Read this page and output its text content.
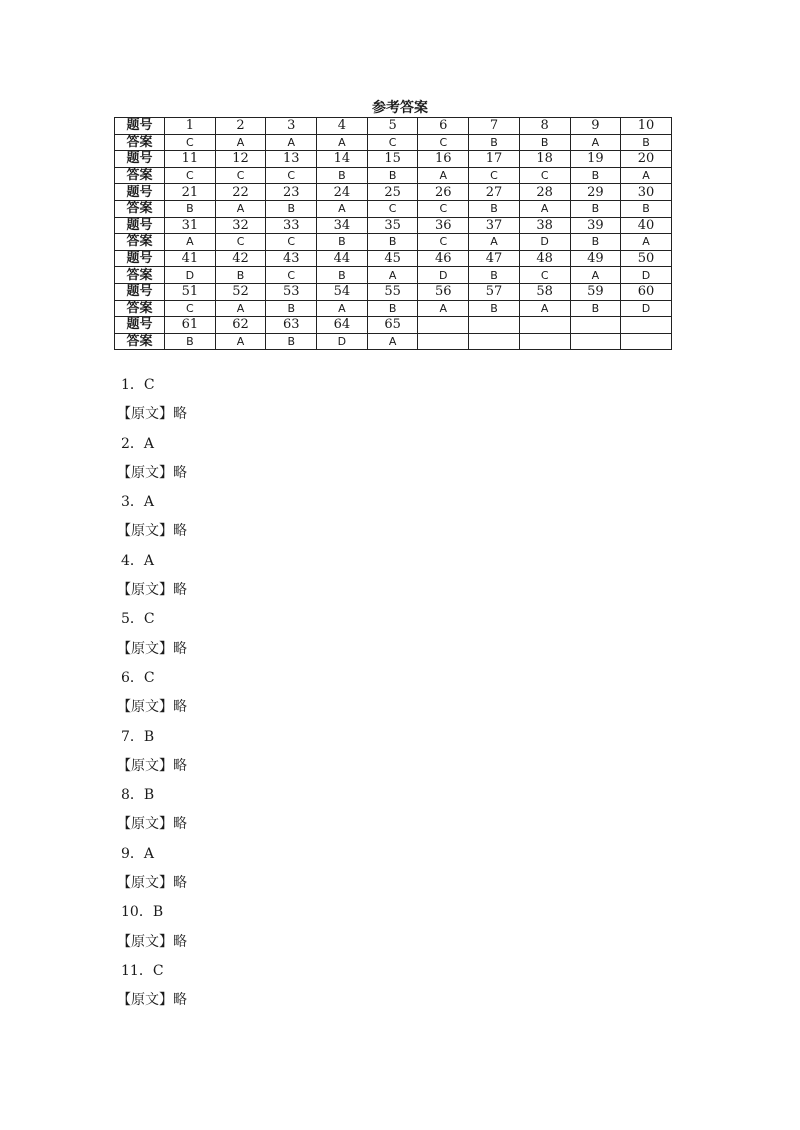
参考答案
题号	1	2	3	4	5	6	7	8	9	10
答案	C	A	A	A	C	C	B	B	A	B
题号	11	12	13	14	15	16	17	18	19	20
答案	C	C	C	B	B	A	C	C	B	A
题号	21	22	23	24	25	26	27	28	29	30
答案	B	A	B	A	C	C	B	A	B	B
题号	31	32	33	34	35	36	37	38	39	40
答案	A	C	C	B	B	C	A	D	B	A
题号	41	42	43	44	45	46	47	48	49	50
答案	D	B	C	B	A	D	B	C	A	D
题号	51	52	53	54	55	56	57	58	59	60
答案	C	A	B	A	B	A	B	A	B	D
题号	61	62	63	64	65					
答案	B	A	B	D	A					
1．C
【原文】略
2．A
【原文】略
3．A
【原文】略
4．A
【原文】略
5．C
【原文】略
6．C
【原文】略
7．B
【原文】略
8．B
【原文】略
9．A
【原文】略
10．B
【原文】略
11．C
【原文】略
